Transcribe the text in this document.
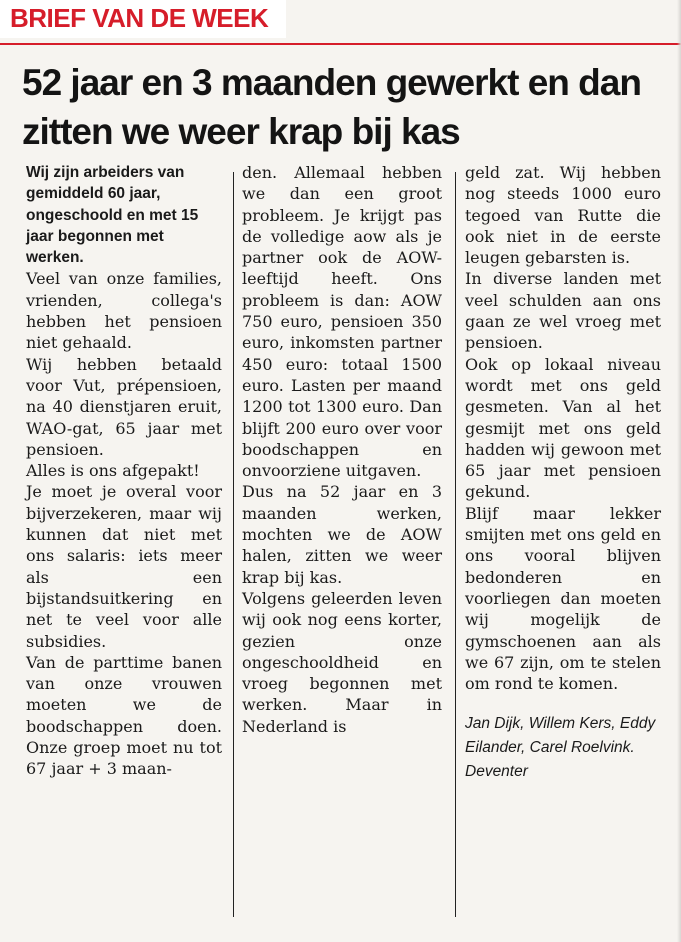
BRIEF VAN DE WEEK
52 jaar en 3 maanden gewerkt en dan zitten we weer krap bij kas

Wij zijn arbeiders van gemiddeld 60 jaar, ongeschoold en met 15 jaar begonnen met werken.

Veel van onze families, vrienden, collega's hebben het pensioen niet gehaald.

Wij hebben betaald voor Vut, prépensioen, na 40 dienstjaren eruit, WAO-gat, 65 jaar met pensioen.

Alles is ons afgepakt!

Je moet je overal voor bijverzekeren, maar wij kunnen dat niet met ons salaris: iets meer als een bijstandsuitkering en net te veel voor alle subsidies.

Van de parttime banen van onze vrouwen moeten we de boodschappen doen. Onze groep moet nu tot 67 jaar + 3 maan-

den. Allemaal hebben we dan een groot probleem. Je krijgt pas de volledige aow als je partner ook de AOW-leeftijd heeft. Ons probleem is dan: AOW 750 euro, pensioen 350 euro, inkomsten partner 450 euro: totaal 1500 euro. Lasten per maand 1200 tot 1300 euro. Dan blijft 200 euro over voor boodschappen en onvoorziene uitgaven.

Dus na 52 jaar en 3 maanden werken, mochten we de AOW halen, zitten we weer krap bij kas.

Volgens geleerden leven wij ook nog eens korter, gezien onze ongeschooldheid en vroeg begonnen met werken. Maar in Nederland is

geld zat. Wij hebben nog steeds 1000 euro tegoed van Rutte die ook niet in de eerste leugen gebarsten is.

In diverse landen met veel schulden aan ons gaan ze wel vroeg met pensioen.

Ook op lokaal niveau wordt met ons geld gesmeten. Van al het gesmijt met ons geld hadden wij gewoon met 65 jaar met pensioen gekund.

Blijf maar lekker smijten met ons geld en ons vooral blijven bedonderen en voorliegen dan moeten wij mogelijk de gymschoenen aan als we 67 zijn, om te stelen om rond te komen.

Jan Dijk, Willem Kers, Eddy Eilander, Carel Roelvink. Deventer
